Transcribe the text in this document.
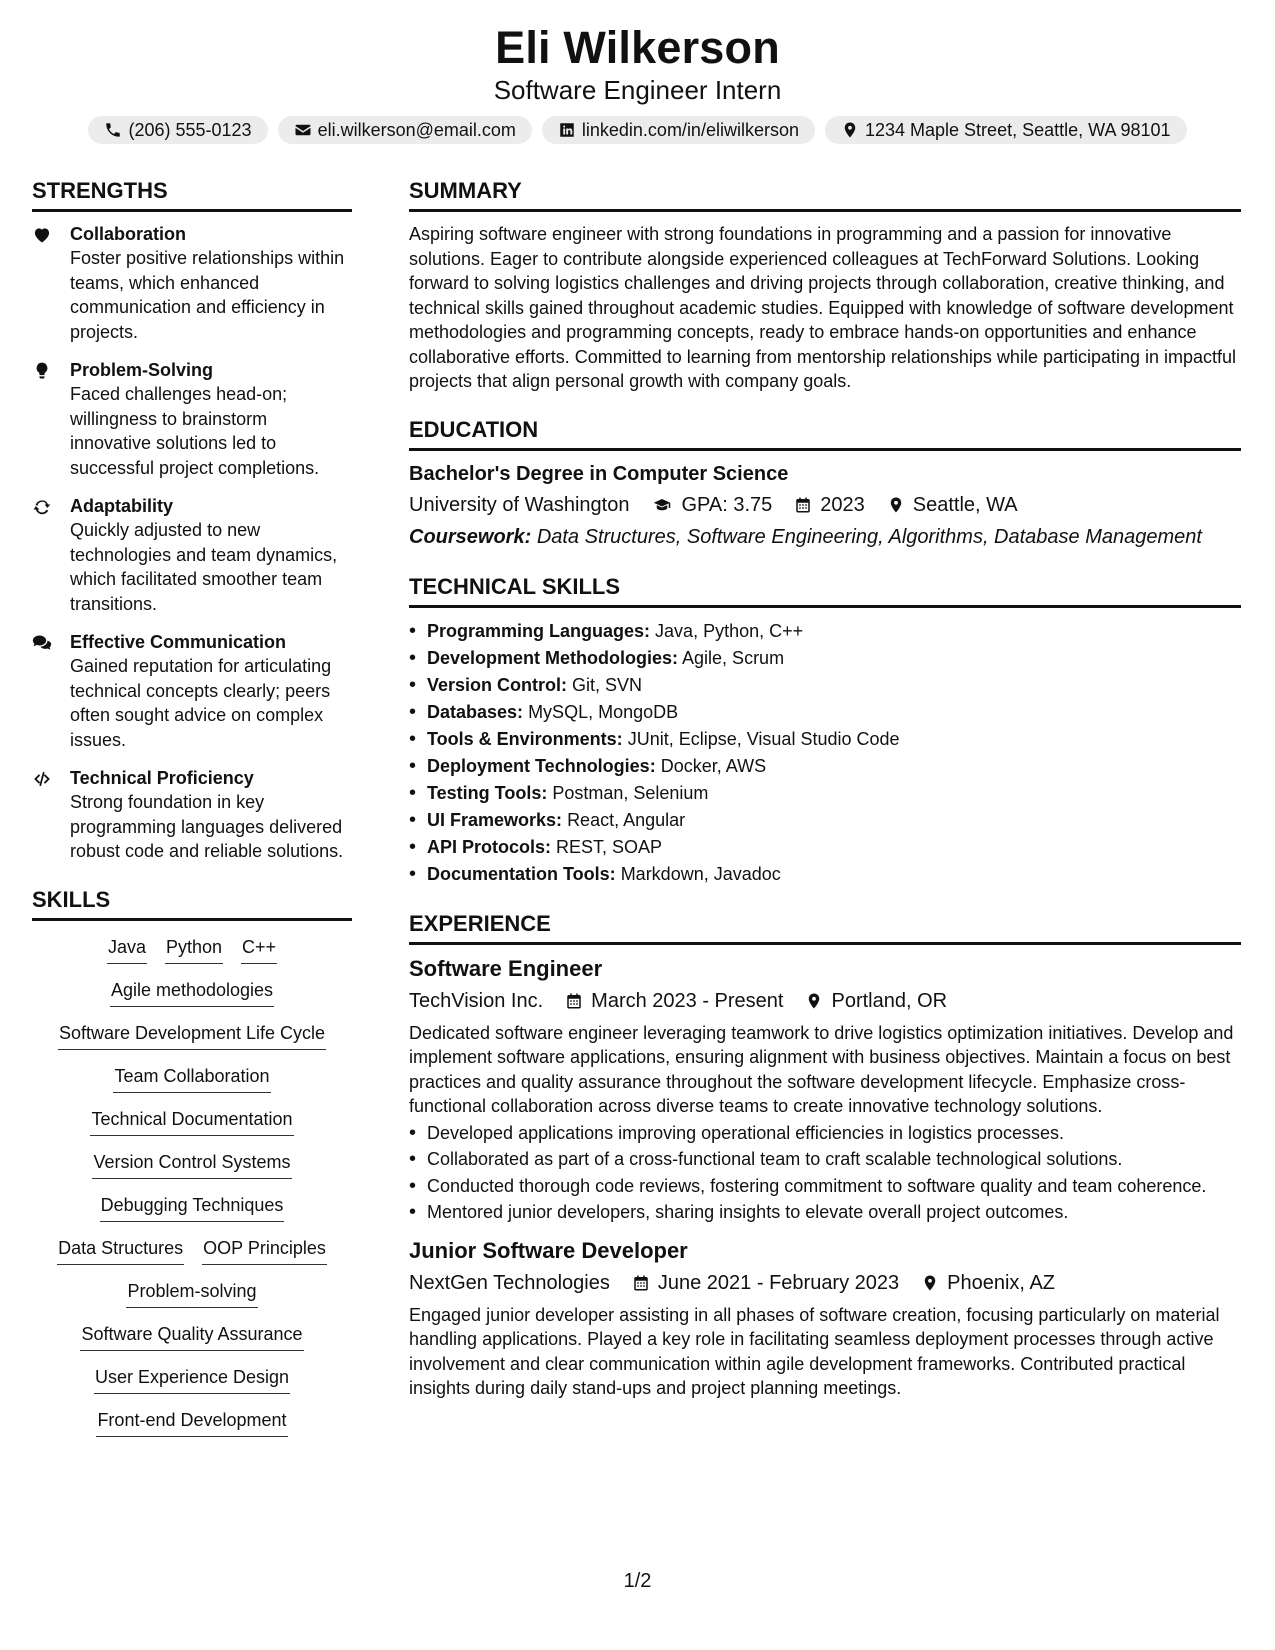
Eli Wilkerson
Software Engineer Intern
(206) 555-0123	eli.wilkerson@email.com	linkedin.com/in/eliwilkerson	1234 Maple Street, Seattle, WA 98101
STRENGTHS
Collaboration
Foster positive relationships within teams, which enhanced communication and efficiency in projects.
Problem-Solving
Faced challenges head-on; willingness to brainstorm innovative solutions led to successful project completions.
Adaptability
Quickly adjusted to new technologies and team dynamics, which facilitated smoother team transitions.
Effective Communication
Gained reputation for articulating technical concepts clearly; peers often sought advice on complex issues.
Technical Proficiency
Strong foundation in key programming languages delivered robust code and reliable solutions.
SKILLS
Java Python C++
Agile methodologies
Software Development Life Cycle
Team Collaboration
Technical Documentation
Version Control Systems
Debugging Techniques
Data Structures OOP Principles
Problem-solving
Software Quality Assurance
User Experience Design
Front-end Development
SUMMARY
Aspiring software engineer with strong foundations in programming and a passion for innovative solutions. Eager to contribute alongside experienced colleagues at TechForward Solutions. Looking forward to solving logistics challenges and driving projects through collaboration, creative thinking, and technical skills gained throughout academic studies. Equipped with knowledge of software development methodologies and programming concepts, ready to embrace hands-on opportunities and enhance collaborative efforts. Committed to learning from mentorship relationships while participating in impactful projects that align personal growth with company goals.
EDUCATION
Bachelor's Degree in Computer Science
University of Washington	GPA: 3.75 2023 Seattle, WA
Coursework: Data Structures, Software Engineering, Algorithms, Database Management
TECHNICAL SKILLS
• Programming Languages: Java, Python, C++
• Development Methodologies: Agile, Scrum
• Version Control: Git, SVN
• Databases: MySQL, MongoDB
• Tools & Environments: JUnit, Eclipse, Visual Studio Code
• Deployment Technologies: Docker, AWS
• Testing Tools: Postman, Selenium
• UI Frameworks: React, Angular
• API Protocols: REST, SOAP
• Documentation Tools: Markdown, Javadoc
EXPERIENCE
Software Engineer
TechVision Inc. March 2023 - Present Portland, OR
Dedicated software engineer leveraging teamwork to drive logistics optimization initiatives. Develop and implement software applications, ensuring alignment with business objectives. Maintain a focus on best practices and quality assurance throughout the software development lifecycle. Emphasize cross-functional collaboration across diverse teams to create innovative technology solutions.
• Developed applications improving operational efficiencies in logistics processes.
• Collaborated as part of a cross-functional team to craft scalable technological solutions.
• Conducted thorough code reviews, fostering commitment to software quality and team coherence.
• Mentored junior developers, sharing insights to elevate overall project outcomes.
Junior Software Developer
NextGen Technologies June 2021 - February 2023 Phoenix, AZ
Engaged junior developer assisting in all phases of software creation, focusing particularly on material handling applications. Played a key role in facilitating seamless deployment processes through active involvement and clear communication within agile development frameworks. Contributed practical insights during daily stand-ups and project planning meetings.
1/2
